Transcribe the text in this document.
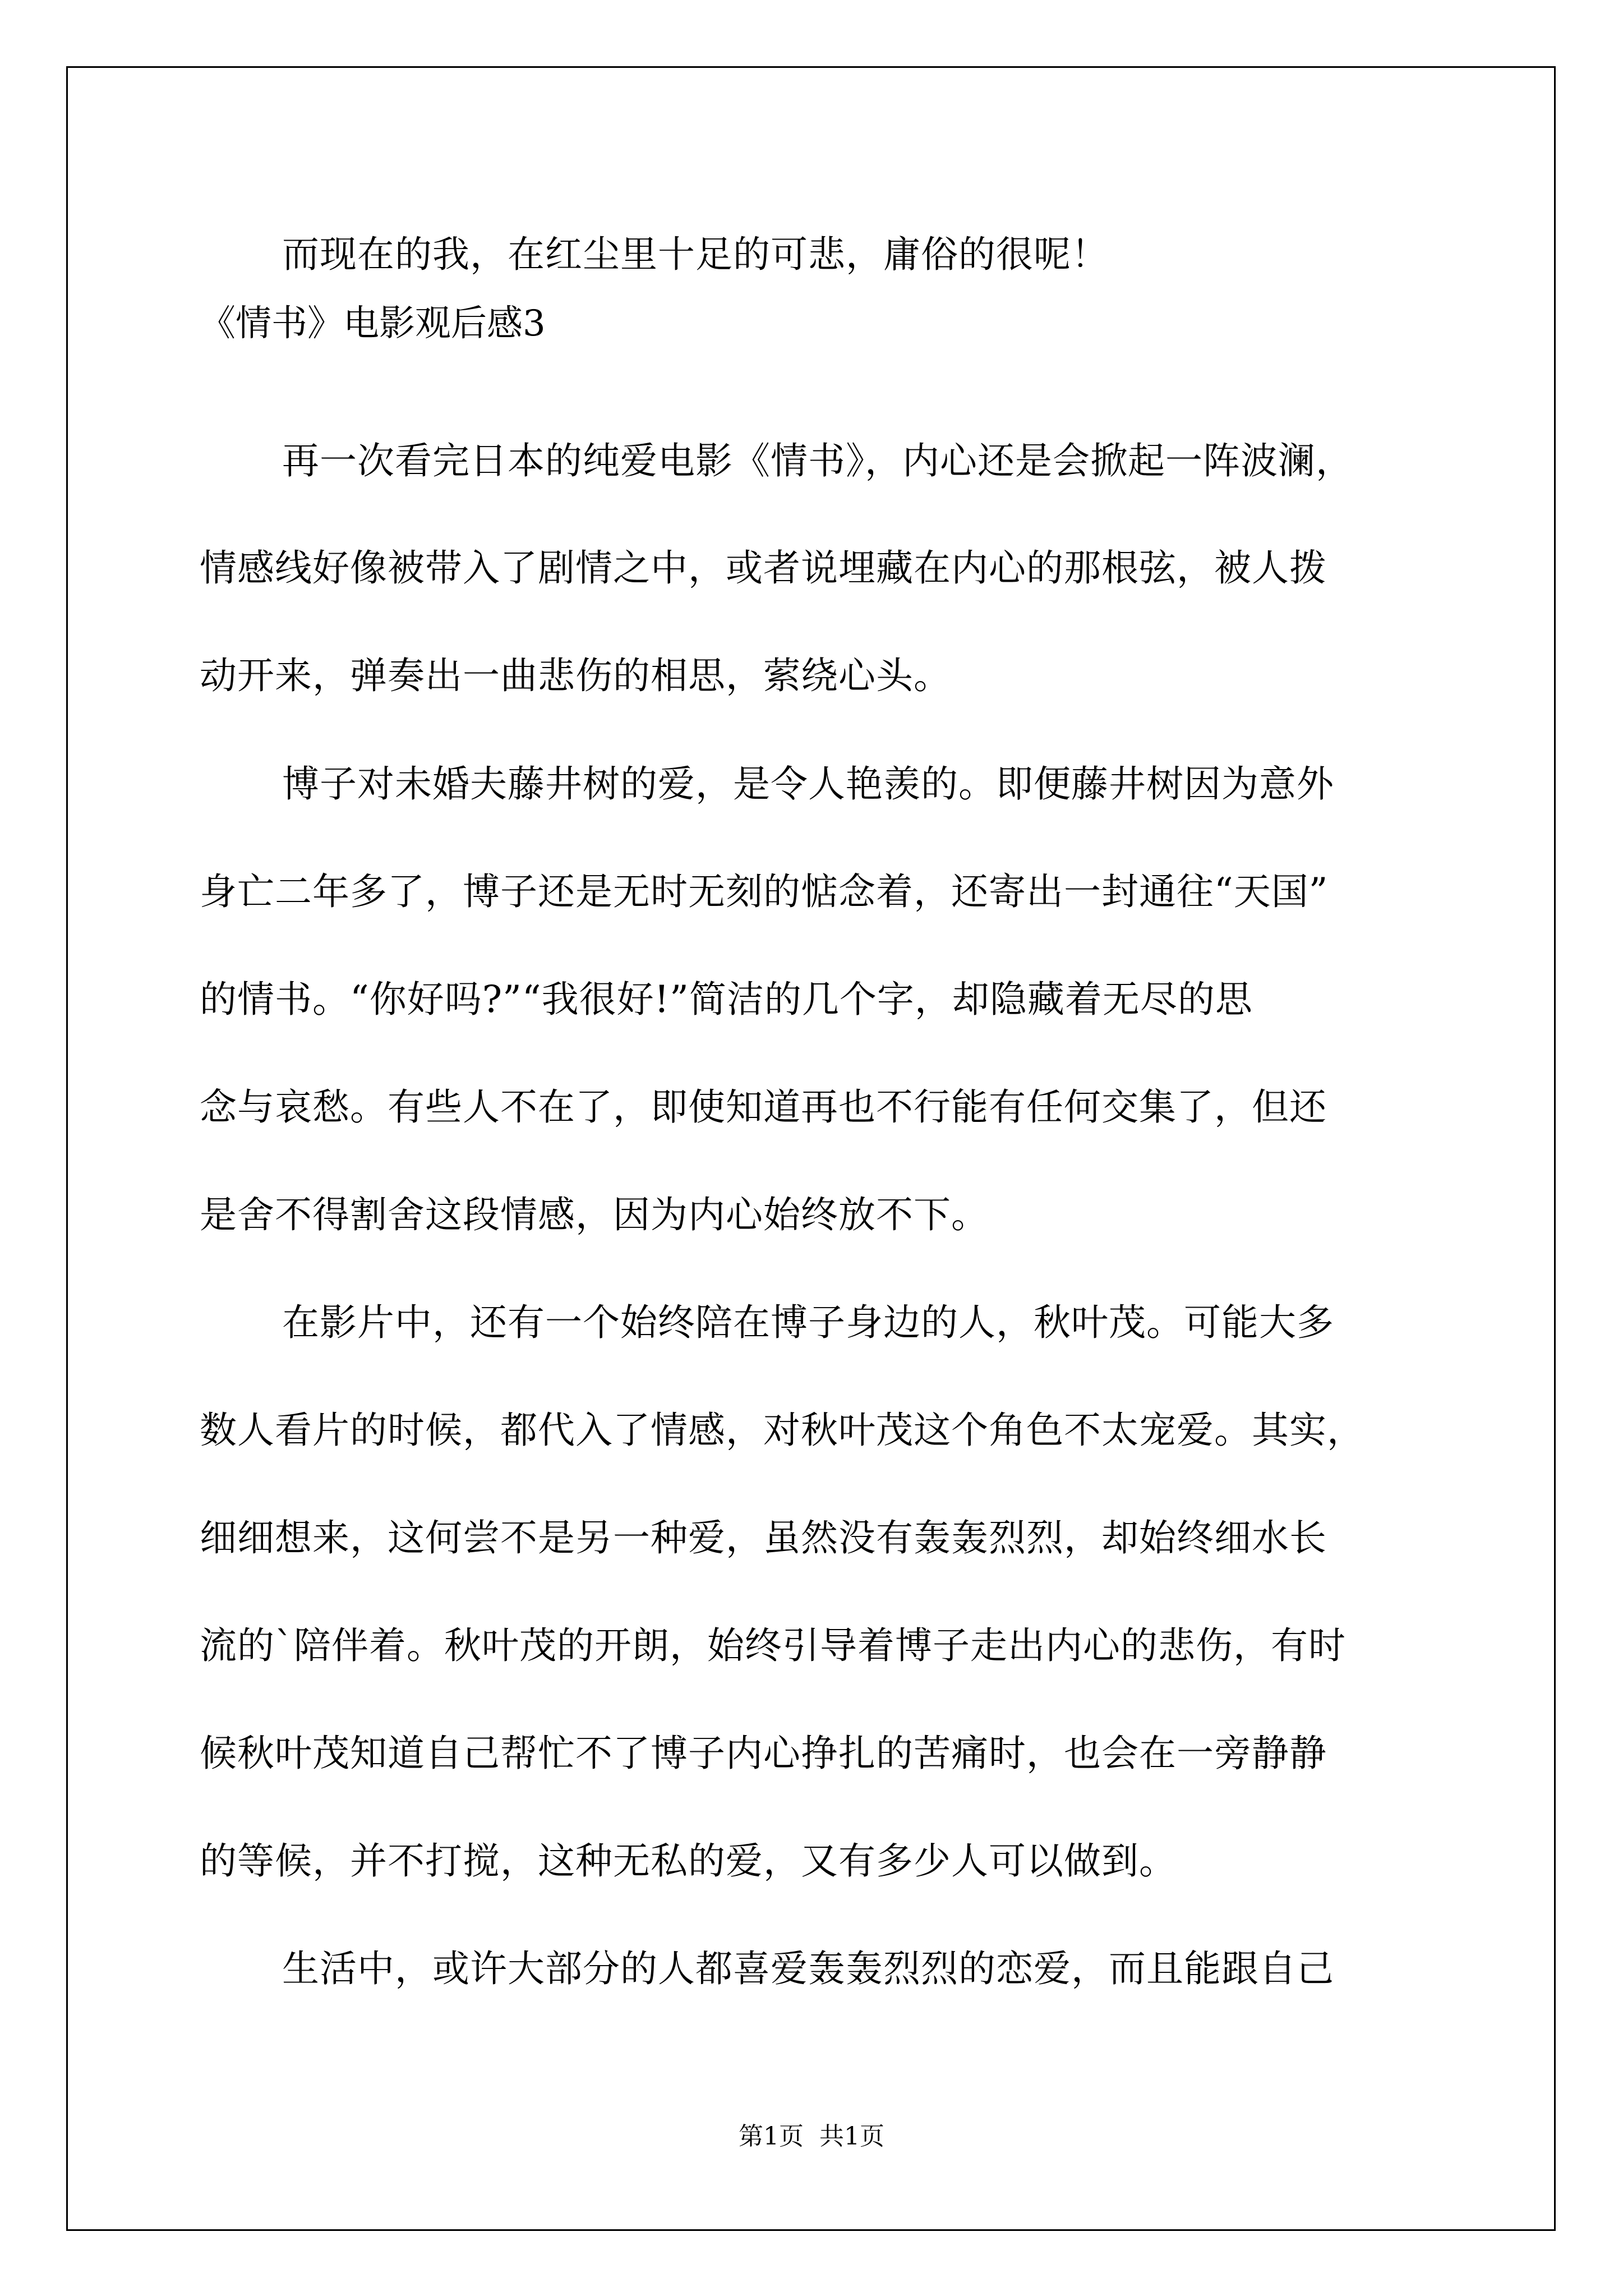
而现在的我，在红尘里十足的可悲，庸俗的很呢！
《情书》电影观后感3
再一次看完日本的纯爱电影《情书》，内心还是会掀起一阵波澜，
情感线好像被带入了剧情之中，或者说埋藏在内心的那根弦，被人拨
动开来，弹奏出一曲悲伤的相思，萦绕心头。
博子对未婚夫藤井树的爱，是令人艳羡的。即便藤井树因为意外
身亡二年多了，博子还是无时无刻的惦念着，还寄出一封通往“天国”
的情书。“你好吗?”“我很好!”简洁的几个字，却隐藏着无尽的思
念与哀愁。有些人不在了，即使知道再也不行能有任何交集了，但还
是舍不得割舍这段情感，因为内心始终放不下。
在影片中，还有一个始终陪在博子身边的人，秋叶茂。可能大多
数人看片的时候，都代入了情感，对秋叶茂这个角色不太宠爱。其实，
细细想来，这何尝不是另一种爱，虽然没有轰轰烈烈，却始终细水长
流的`陪伴着。秋叶茂的开朗，始终引导着博子走出内心的悲伤，有时
候秋叶茂知道自己帮忙不了博子内心挣扎的苦痛时，也会在一旁静静
的等候，并不打搅，这种无私的爱，又有多少人可以做到。
生活中，或许大部分的人都喜爱轰轰烈烈的恋爱，而且能跟自己
第1页  共1页
